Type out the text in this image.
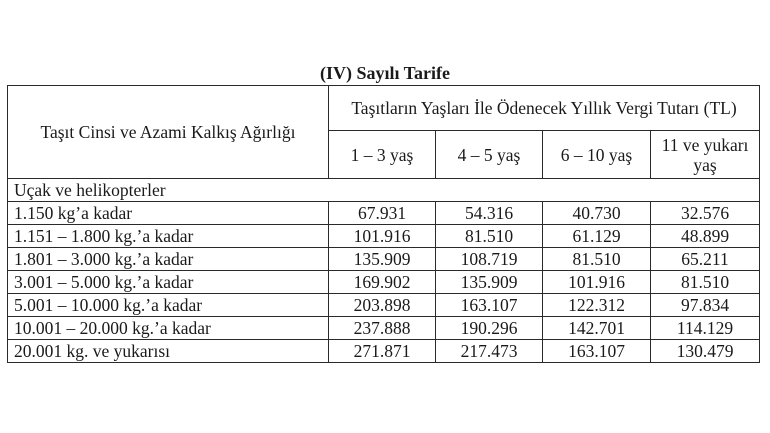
(IV) Sayılı Tarife
Taşıt Cinsi ve Azami Kalkış Ağırlığı	Taşıtların Yaşları İle Ödenecek Yıllık Vergi Tutarı (TL)			
	1 – 3 yaş	4 – 5 yaş	6 – 10 yaş	11 ve yukarı yaş
Uçak ve helikopterler				
1.150 kg’a kadar	67.931	54.316	40.730	32.576
1.151 – 1.800 kg.’a kadar	101.916	81.510	61.129	48.899
1.801 – 3.000 kg.’a kadar	135.909	108.719	81.510	65.211
3.001 – 5.000 kg.’a kadar	169.902	135.909	101.916	81.510
5.001 – 10.000 kg.’a kadar	203.898	163.107	122.312	97.834
10.001 – 20.000 kg.’a kadar	237.888	190.296	142.701	114.129
20.001 kg. ve yukarısı	271.871	217.473	163.107	130.479
